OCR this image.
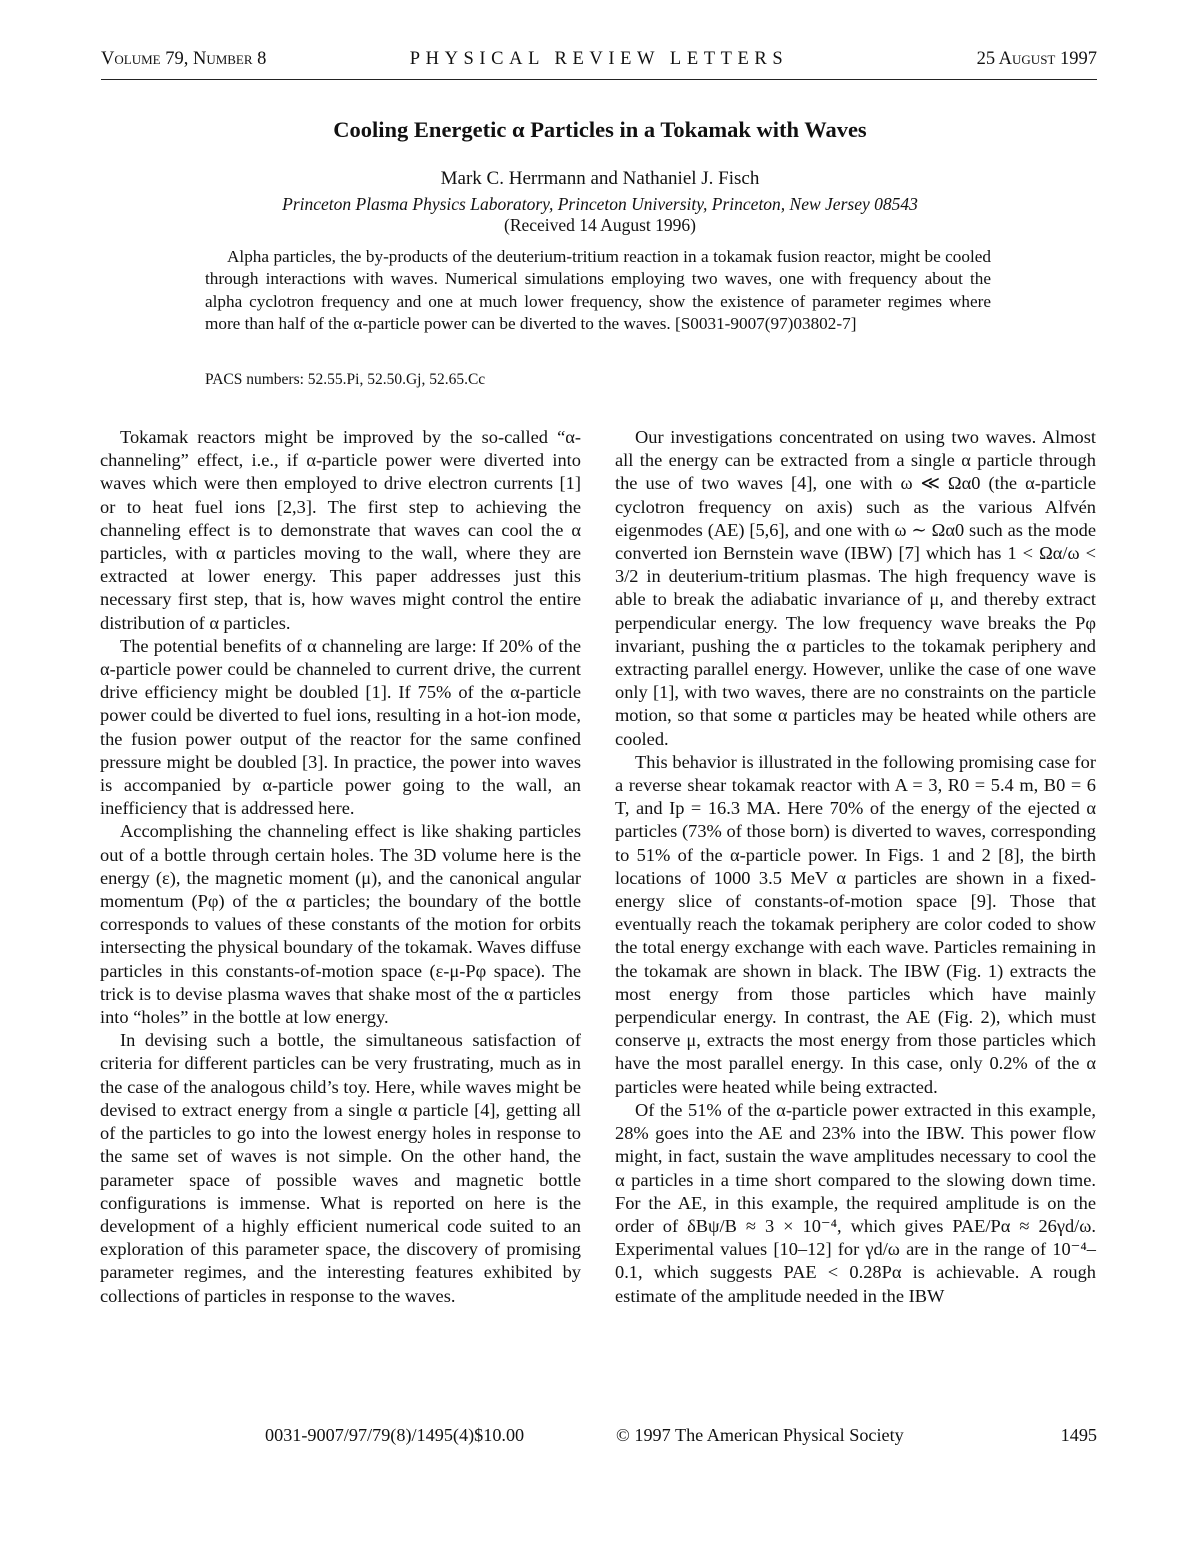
Volume 79, Number 8	PHYSICAL REVIEW LETTERS	25 August 1997
Cooling Energetic α Particles in a Tokamak with Waves
Mark C. Herrmann and Nathaniel J. Fisch
Princeton Plasma Physics Laboratory, Princeton University, Princeton, New Jersey 08543
(Received 14 August 1996)

Alpha particles, the by-products of the deuterium-tritium reaction in a tokamak fusion reactor, might be cooled through interactions with waves. Numerical simulations employing two waves, one with frequency about the alpha cyclotron frequency and one at much lower frequency, show the existence of parameter regimes where more than half of the α-particle power can be diverted to the waves. [S0031-9007(97)03802-7]

PACS numbers: 52.55.Pi, 52.50.Gj, 52.65.Cc

Tokamak reactors might be improved by the so-called “α-channeling” effect, i.e., if α-particle power were diverted into waves which were then employed to drive electron currents [1] or to heat fuel ions [2,3]. The first step to achieving the channeling effect is to demonstrate that waves can cool the α particles, with α particles moving to the wall, where they are extracted at lower energy. This paper addresses just this necessary first step, that is, how waves might control the entire distribution of α particles.

The potential benefits of α channeling are large: If 20% of the α-particle power could be channeled to current drive, the current drive efficiency might be doubled [1]. If 75% of the α-particle power could be diverted to fuel ions, resulting in a hot-ion mode, the fusion power output of the reactor for the same confined pressure might be doubled [3]. In practice, the power into waves is accompanied by α-particle power going to the wall, an inefficiency that is addressed here.

Accomplishing the channeling effect is like shaking particles out of a bottle through certain holes. The 3D volume here is the energy (ε), the magnetic moment (μ), and the canonical angular momentum (Pφ) of the α particles; the boundary of the bottle corresponds to values of these constants of the motion for orbits intersecting the physical boundary of the tokamak. Waves diffuse particles in this constants-of-motion space (ε-μ-Pφ space). The trick is to devise plasma waves that shake most of the α particles into “holes” in the bottle at low energy.

In devising such a bottle, the simultaneous satisfaction of criteria for different particles can be very frustrating, much as in the case of the analogous child’s toy. Here, while waves might be devised to extract energy from a single α particle [4], getting all of the particles to go into the lowest energy holes in response to the same set of waves is not simple. On the other hand, the parameter space of possible waves and magnetic bottle configurations is immense. What is reported on here is the development of a highly efficient numerical code suited to an exploration of this parameter space, the discovery of promising parameter regimes, and the interesting features exhibited by collections of particles in response to the waves.

Our investigations concentrated on using two waves. Almost all the energy can be extracted from a single α particle through the use of two waves [4], one with ω ≪ Ωα0 (the α-particle cyclotron frequency on axis) such as the various Alfvén eigenmodes (AE) [5,6], and one with ω ∼ Ωα0 such as the mode converted ion Bernstein wave (IBW) [7] which has 1 < Ωα/ω < 3/2 in deuterium-tritium plasmas. The high frequency wave is able to break the adiabatic invariance of μ, and thereby extract perpendicular energy. The low frequency wave breaks the Pφ invariant, pushing the α particles to the tokamak periphery and extracting parallel energy. However, unlike the case of one wave only [1], with two waves, there are no constraints on the particle motion, so that some α particles may be heated while others are cooled.

This behavior is illustrated in the following promising case for a reverse shear tokamak reactor with A = 3, R0 = 5.4 m, B0 = 6 T, and Ip = 16.3 MA. Here 70% of the energy of the ejected α particles (73% of those born) is diverted to waves, corresponding to 51% of the α-particle power. In Figs. 1 and 2 [8], the birth locations of 1000 3.5 MeV α particles are shown in a fixed-energy slice of constants-of-motion space [9]. Those that eventually reach the tokamak periphery are color coded to show the total energy exchange with each wave. Particles remaining in the tokamak are shown in black. The IBW (Fig. 1) extracts the most energy from those particles which have mainly perpendicular energy. In contrast, the AE (Fig. 2), which must conserve μ, extracts the most energy from those particles which have the most parallel energy. In this case, only 0.2% of the α particles were heated while being extracted.

Of the 51% of the α-particle power extracted in this example, 28% goes into the AE and 23% into the IBW. This power flow might, in fact, sustain the wave amplitudes necessary to cool the α particles in a time short compared to the slowing down time. For the AE, in this example, the required amplitude is on the order of δBψ/B ≈ 3 × 10⁻⁴, which gives PAE/Pα ≈ 26γd/ω. Experimental values [10–12] for γd/ω are in the range of 10⁻⁴–0.1, which suggests PAE < 0.28Pα is achievable. A rough estimate of the amplitude needed in the IBW

0031-9007/97/79(8)/1495(4)$10.00	© 1997 The American Physical Society	1495
